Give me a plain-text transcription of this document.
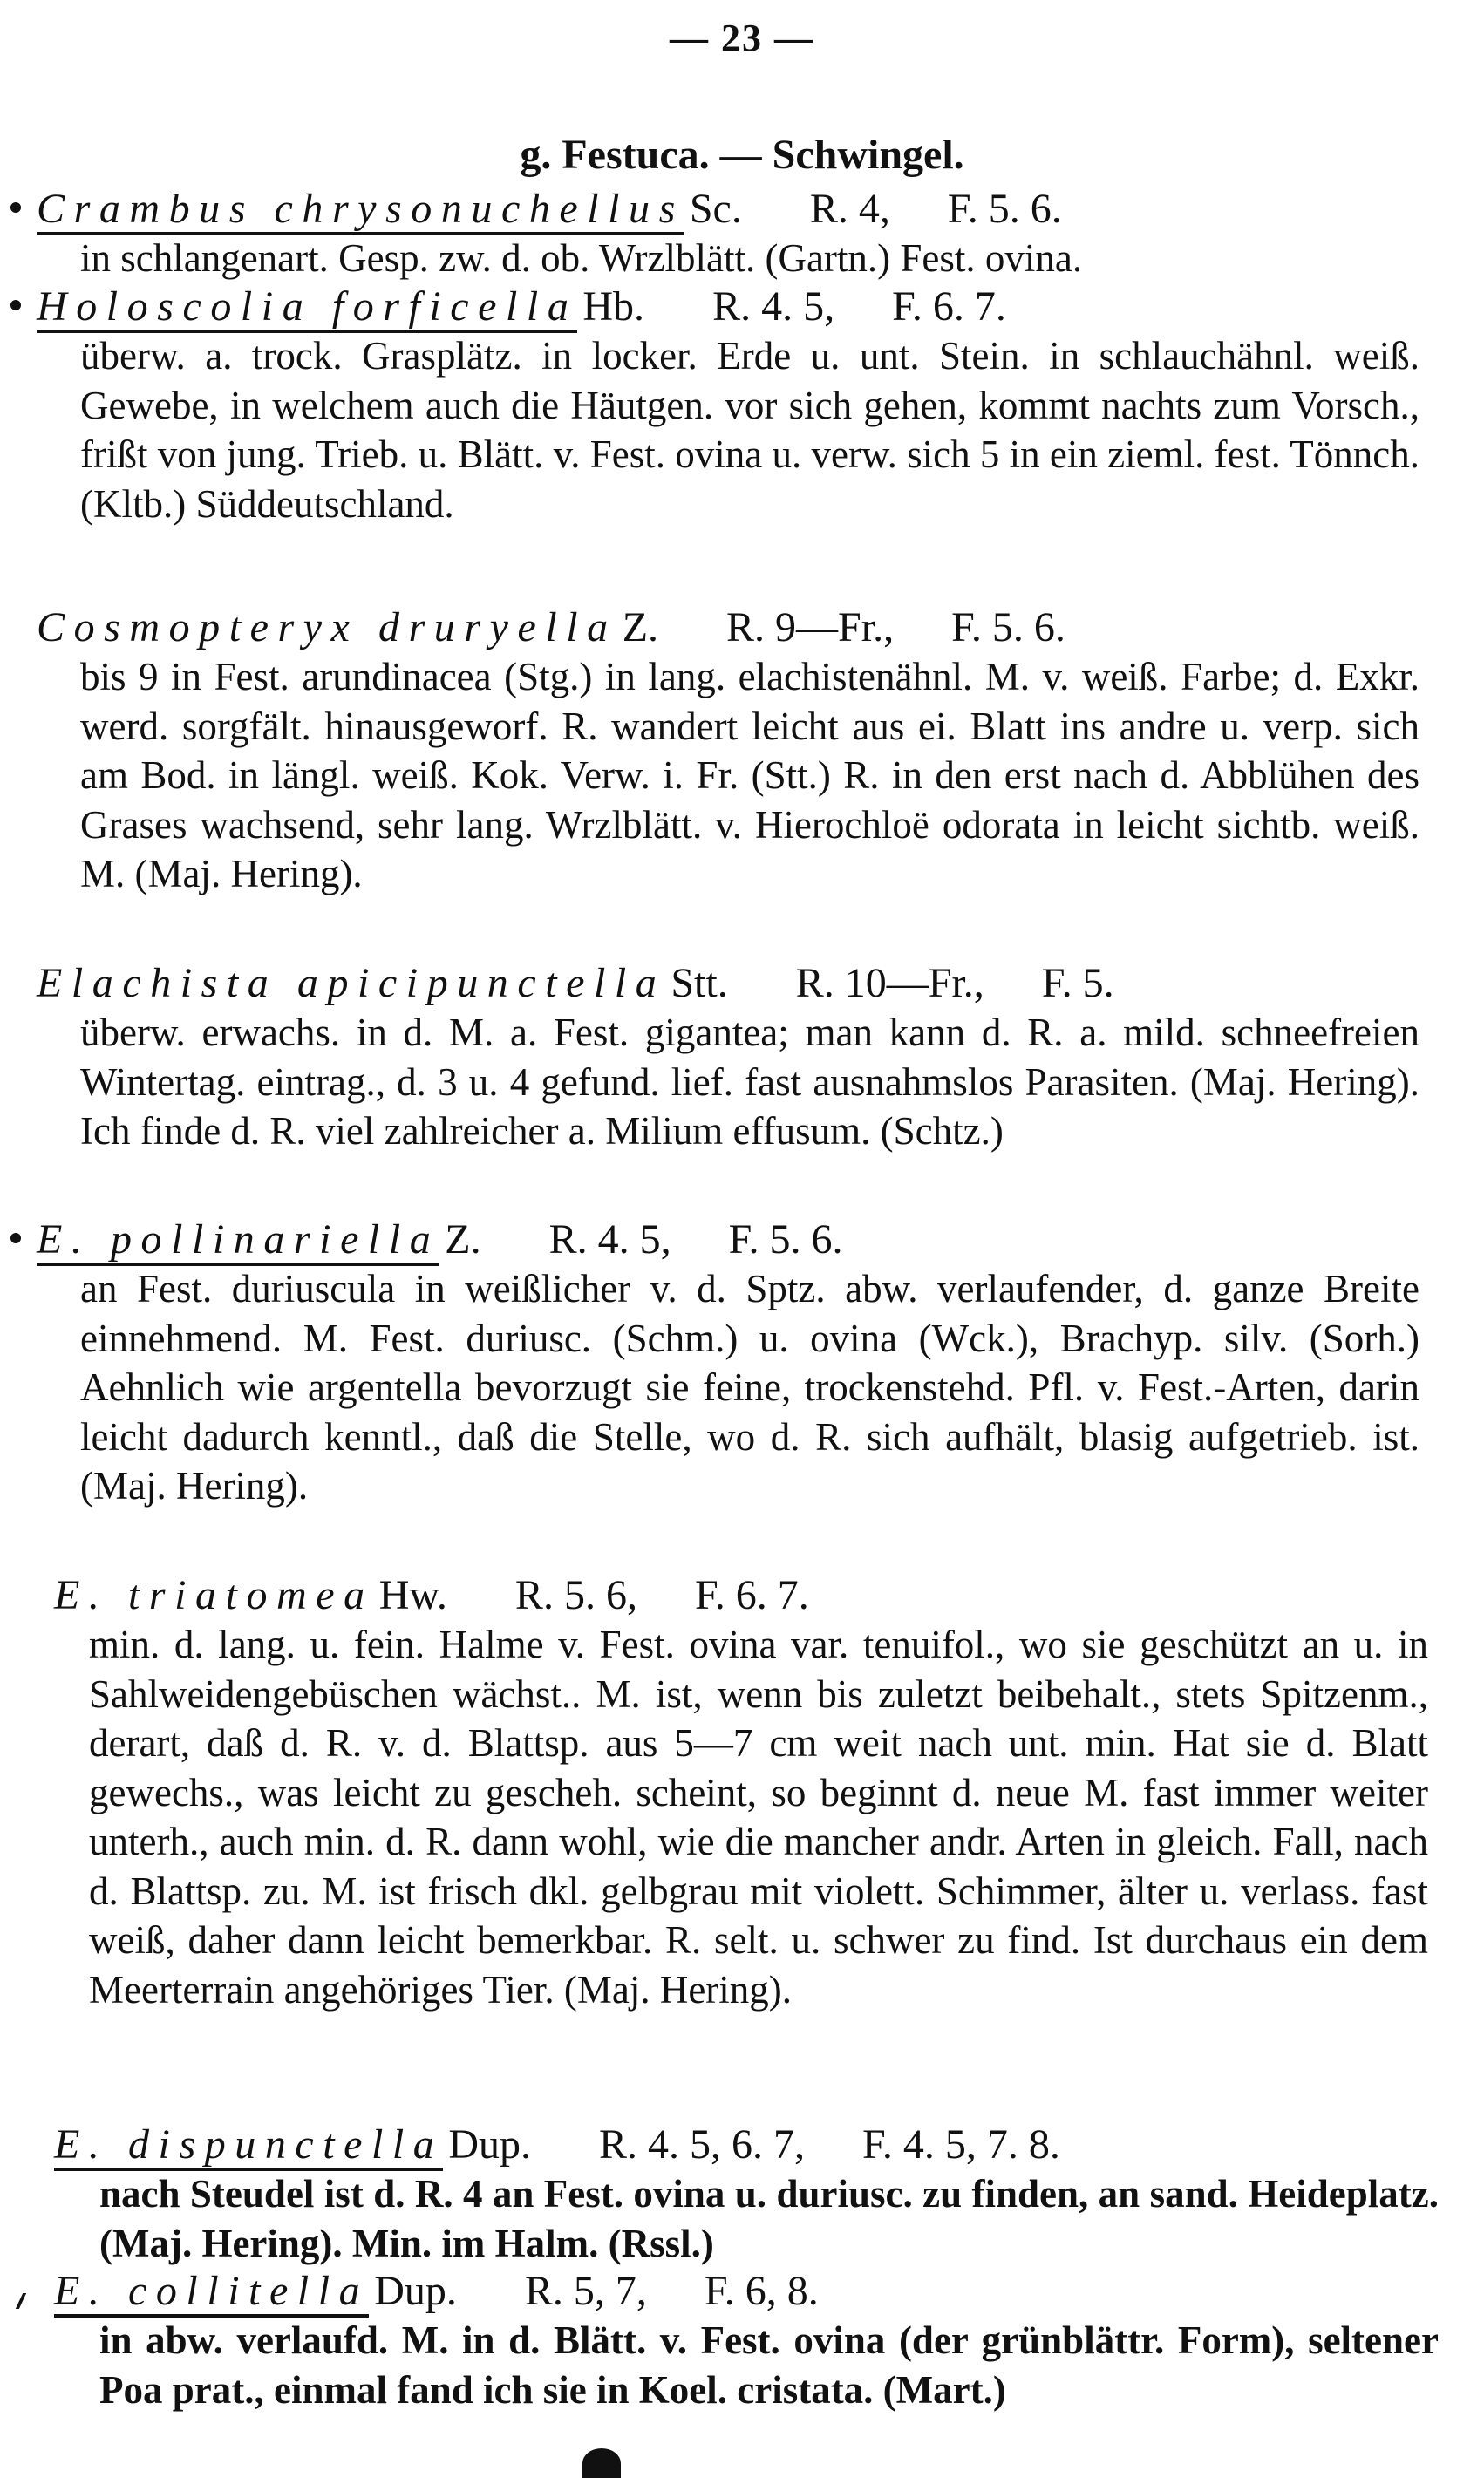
— 23 —
g. Festuca. — Schwingel.
Crambus chrysonuchellus Sc. R. 4, F. 5. 6.
in schlangenart. Gesp. zw. d. ob. Wrzlblätt. (Gartn.) Fest. ovina.
Holoscolia forficella Hb. R. 4. 5, F. 6. 7.
überw. a. trock. Grasplätz. in locker. Erde u. unt. Stein. in schlauchähnl. weiß. Gewebe, in welchem auch die Häutgen. vor sich gehen, kommt nachts zum Vorsch., frißt von jung. Trieb. u. Blätt. v. Fest. ovina u. verw. sich 5 in ein zieml. fest. Tönnch. (Kltb.) Süddeutschland.
Cosmopteryx druryella Z. R. 9—Fr., F. 5. 6.
bis 9 in Fest. arundinacea (Stg.) in lang. elachistenähnl. M. v. weiß. Farbe; d. Exkr. werd. sorgfält. hinausgeworf. R. wandert leicht aus ei. Blatt ins andre u. verp. sich am Bod. in längl. weiß. Kok. Verw. i. Fr. (Stt.) R. in den erst nach d. Abblühen des Grases wachsend, sehr lang. Wrzlblätt. v. Hierochloë odorata in leicht sichtb. weiß. M. (Maj. Hering).
Elachista apicipunctella Stt. R. 10—Fr., F. 5.
überw. erwachs. in d. M. a. Fest. gigantea; man kann d. R. a. mild. schneefreien Wintertag. eintrag., d. 3 u. 4 gefund. lief. fast ausnahmslos Parasiten. (Maj. Hering). Ich finde d. R. viel zahlreicher a. Milium effusum. (Schtz.)
E. pollinariella Z. R. 4. 5, F. 5. 6.
an Fest. duriuscula in weißlicher v. d. Sptz. abw. verlaufender, d. ganze Breite einnehmend. M. Fest. duriusc. (Schm.) u. ovina (Wck.), Brachyp. silv. (Sorh.) Aehnlich wie argentella bevorzugt sie feine, trockenstehd. Pfl. v. Fest.-Arten, darin leicht dadurch kenntl., daß die Stelle, wo d. R. sich aufhält, blasig aufgetrieb. ist. (Maj. Hering).
E. triatomea Hw. R. 5. 6, F. 6. 7.
min. d. lang. u. fein. Halme v. Fest. ovina var. tenuifol., wo sie geschützt an u. in Sahlweidengebüschen wächst.. M. ist, wenn bis zuletzt beibehalt., stets Spitzenm., derart, daß d. R. v. d. Blattsp. aus 5—7 cm weit nach unt. min. Hat sie d. Blatt gewechs., was leicht zu gescheh. scheint, so beginnt d. neue M. fast immer weiter unterh., auch min. d. R. dann wohl, wie die mancher andr. Arten in gleich. Fall, nach d. Blattsp. zu. M. ist frisch dkl. gelbgrau mit violett. Schimmer, älter u. verlass. fast weiß, daher dann leicht bemerkbar. R. selt. u. schwer zu find. Ist durchaus ein dem Meerterrain angehöriges Tier. (Maj. Hering).
E. dispunctella Dup. R. 4. 5, 6. 7, F. 4. 5, 7. 8.
nach Steudel ist d. R. 4 an Fest. ovina u. duriusc. zu finden, an sand. Heideplatz. (Maj. Hering). Min. im Halm. (Rssl.)
E. collitella Dup. R. 5, 7, F. 6, 8.
in abw. verlaufd. M. in d. Blätt. v. Fest. ovina (der grünblättr. Form), seltener Poa prat., einmal fand ich sie in Koel. cristata. (Mart.)
